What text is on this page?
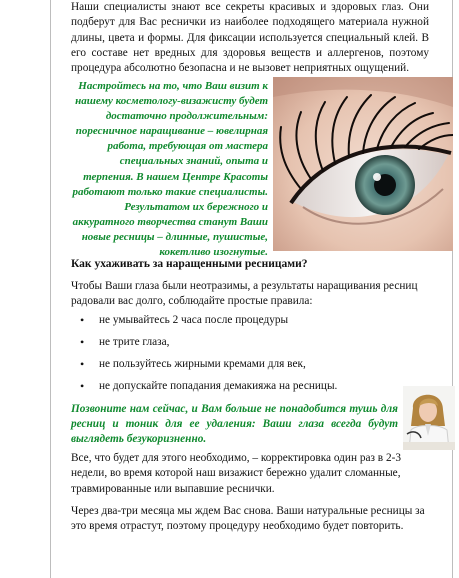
Наши специалисты знают все секреты красивых и здоровых глаз. Они подберут для Вас реснички из наиболее подходящего материала нужной длины, цвета и формы. Для фиксации используется специальный клей. В его составе нет вредных для здоровья веществ и аллергенов, поэтому процедура абсолютно безопасна и не вызовет неприятных ощущений.

Настройтесь на то, что Ваш визит к нашему косметологу-визажисту будет достаточно продолжительным: поресничное наращивание – ювелирная работа, требующая от мастера специальных знаний, опыта и терпения. В нашем Центре Красоты работают только такие специалисты. Результатом их бережного и аккуратного творчества станут Ваши новые ресницы – длинные, пушистые, кокетливо изогнутые.

Как ухаживать за наращенными ресницами?

Чтобы Ваши глаза были неотразимы, а результаты наращивания ресниц радовали вас долго, соблюдайте простые правила:

• не умывайтесь 2 часа после процедуры
• не трите глаза,
• не пользуйтесь жирными кремами для век,
• не допускайте попадания демакияжа на ресницы.

Позвоните нам сейчас, и Вам больше не понадобится тушь для ресниц и тоник для ее удаления: Ваши глаза всегда будут выглядеть безукоризненно.

Все, что будет для этого необходимо, – корректировка один раз в 2-3 недели, во время которой наш визажист бережно удалит сломанные, травмированные или выпавшие реснички.

Через два-три месяца мы ждем Вас снова. Ваши натуральные ресницы за это время отрастут, поэтому процедуру необходимо будет повторить.
